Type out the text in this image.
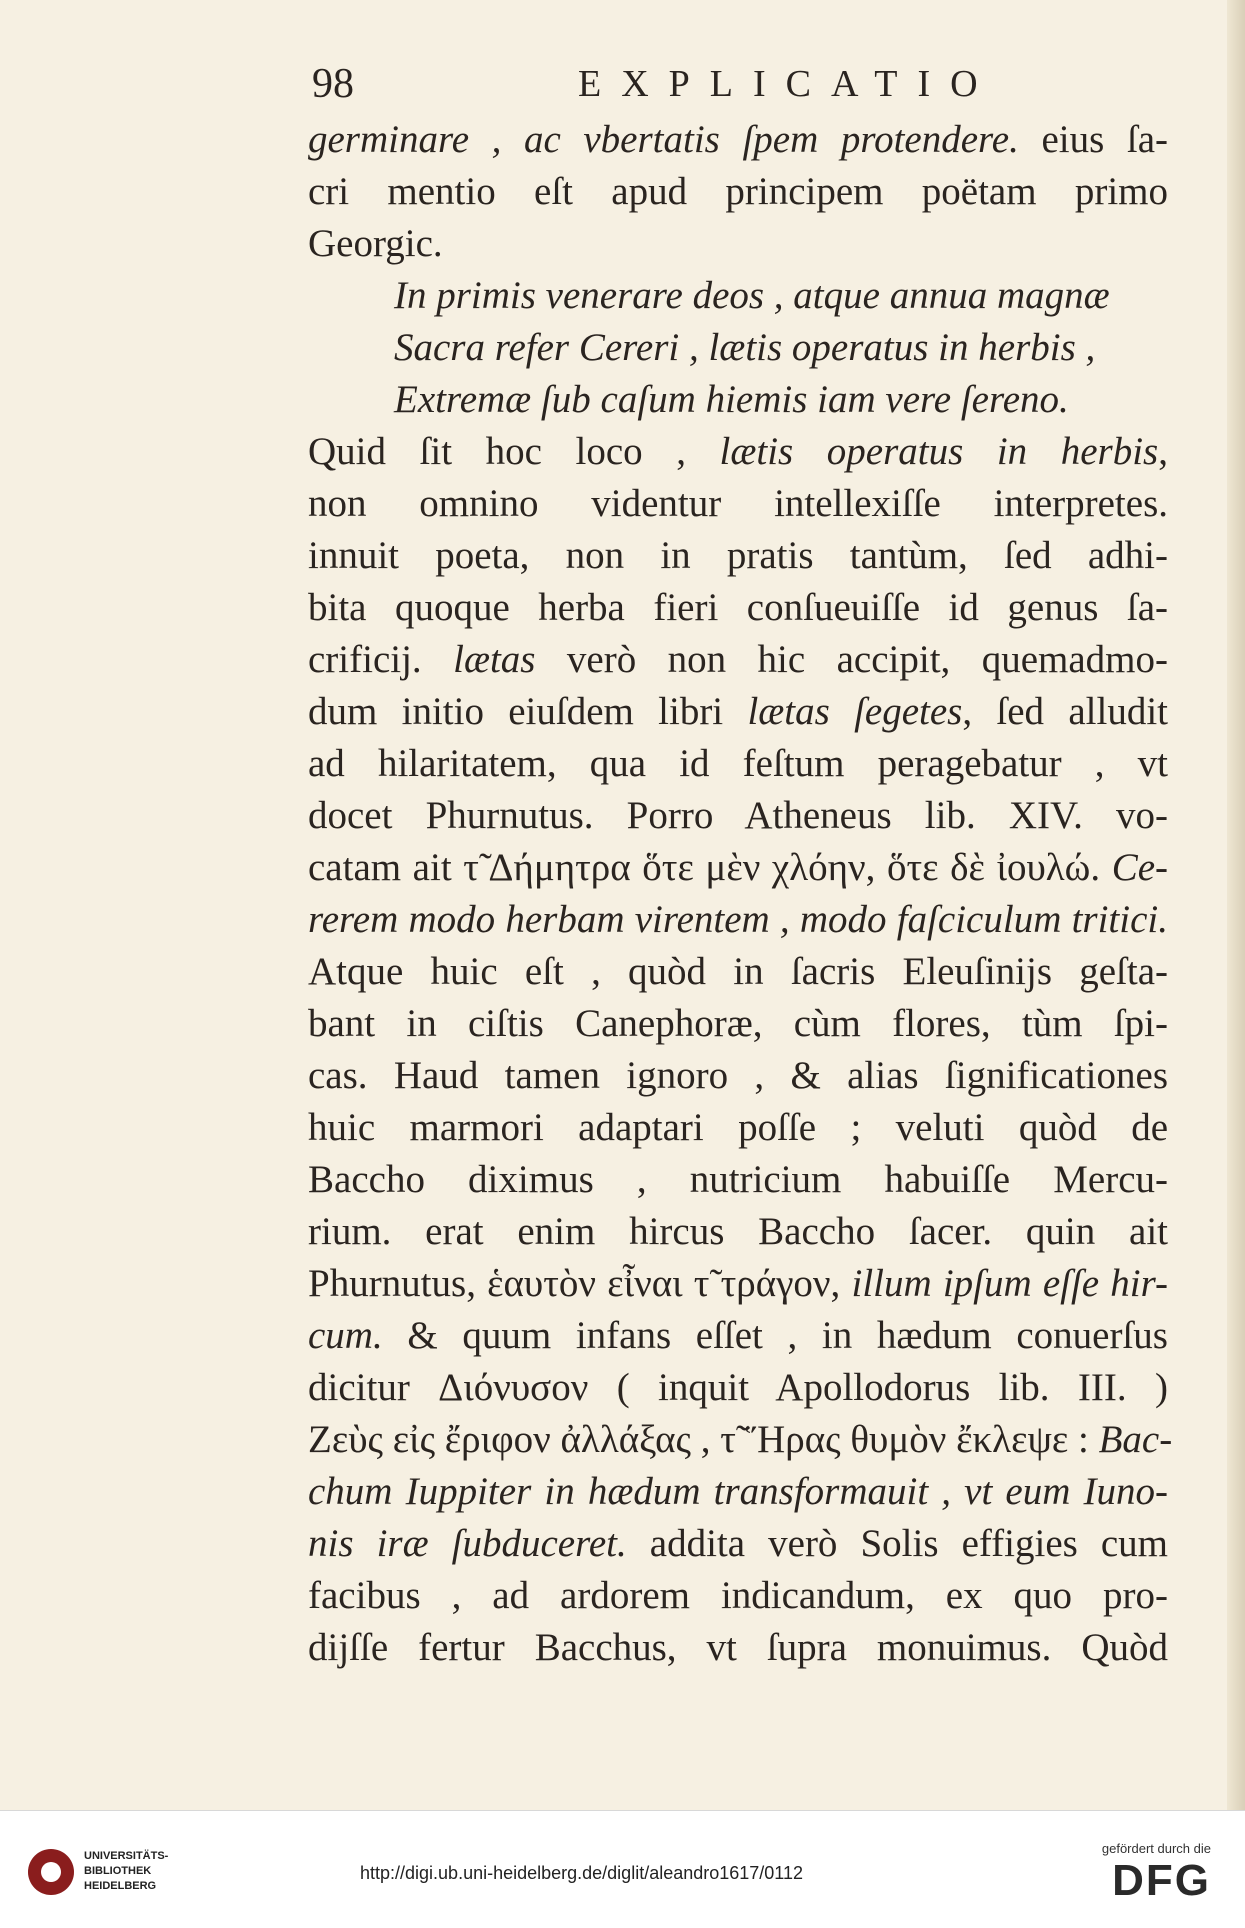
98	EXPLICATIO
germinare , ac vbertatis ſpem protendere. eius ſa-
cri mentio eſt apud principem poëtam primo
Georgic.
In primis venerare deos , atque annua magnæ
Sacra refer Cereri , lætis operatus in herbis ,
Extremæ ſub caſum hiemis iam vere ſereno.
Quid ſit hoc loco , lætis operatus in herbis,
non omnino videntur intellexiſſe interpretes.
innuit poeta, non in pratis tantùm, ſed adhi-
bita quoque herba fieri conſueuiſſe id genus ſa-
crificij. lætas verò non hic accipit, quemadmo-
dum initio eiuſdem libri lætas ſegetes, ſed alludit
ad hilaritatem, qua id feſtum peragebatur , vt
docet Phurnutus. Porro Atheneus lib. XIV. vo-
catam ait τ̃ Δήμητρα ὅτε μὲν χλόην, ὅτε δὲ ἰουλώ. Ce-
rerem modo herbam virentem , modo faſciculum tritici.
Atque huic eſt , quòd in ſacris Eleuſinijs geſta-
bant in ciſtis Canephoræ, cùm flores, tùm ſpi-
cas. Haud tamen ignoro , & alias ſignificationes
huic marmori adaptari poſſe ; veluti quòd de
Baccho diximus , nutricium habuiſſe Mercu-
rium. erat enim hircus Baccho ſacer. quin ait
Phurnutus, ἑαυτὸν εἶναι τ̃ τράγον, illum ipſum eſſe hir-
cum. & quum infans eſſet , in hædum conuerſus
dicitur Διόνυσον ( inquit Apollodorus lib. III. )
Ζεὺς εἰς ἔριφον ἀλλάξας , τ̃ Ἥρας θυμὸν ἔκλεψε : Bac-
chum Iuppiter in hædum transformauit , vt eum Iuno-
nis iræ ſubduceret. addita verò Solis effigies cum
facibus , ad ardorem indicandum, ex quo pro-
dijſſe fertur Bacchus, vt ſupra monuimus. Quòd
UNIVERSITÄTS-
BIBLIOTHEK
HEIDELBERG
http://digi.ub.uni-heidelberg.de/diglit/aleandro1617/0112
gefördert durch die
DFG
